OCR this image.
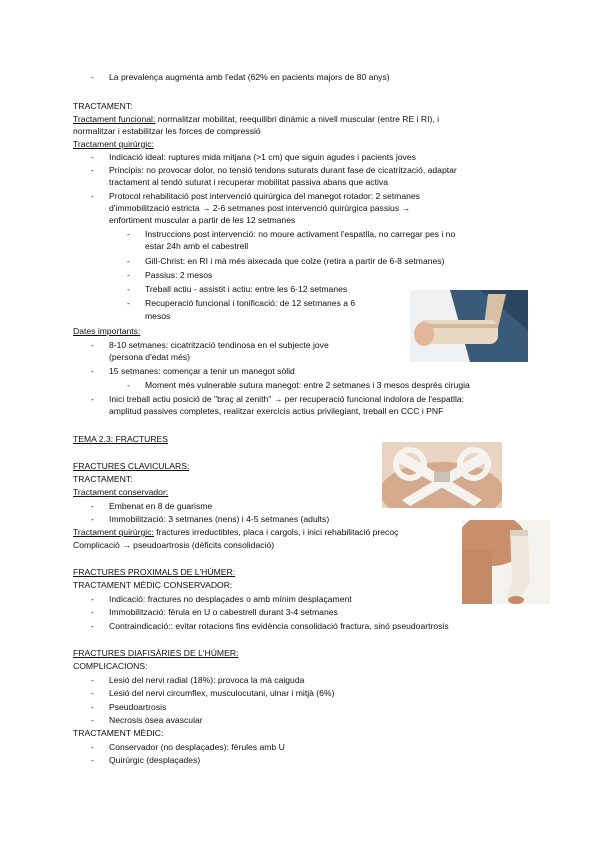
- La prevalença augmenta amb l'edat (62% en pacients majors de 80 anys)
TRACTAMENT:
Tractament funcional: normalitzar mobilitat, reequilibri dinàmic a nivell muscular (entre RE i RI), i
normalitzar i estabilitzar les forces de compressió
Tractament quirúrgic:
- Indicació ideal: ruptures mida mitjana (>1 cm) que siguin agudes i pacients joves
- Principis: no provocar dolor, no tensió tendons suturats durant fase de cicatrització, adaptar
tractament al tendó suturat i recuperar mobilitat passiva abans que activa
- Protocol rehabilitació post intervenció quirúrgica del manegot rotador: 2 setmanes
d'immobilització estricta → 2-6 setmanes post intervenció quirúrgica passius →
enfortiment muscular a partir de les 12 setmanes
- Instruccions post intervenció: no moure activament l'espatlla, no carregar pes i no
estar 24h amb el cabestrell
- Gill-Christ: en RI i mà més aixecada que colze (retira a partir de 6-8 setmanes)
- Passius: 2 mesos
- Treball actiu - assistit i actiu: entre les 6-12 setmanes
- Recuperació funcional i tonificació: de 12 setmanes a 6
mesos
Dates importants:
- 8-10 setmanes: cicatrització tendinosa en el subjecte jove
(persona d'edat més)
- 15 setmanes: començar a tenir un manegot sòlid
- Moment més vulnerable sutura manegot: entre 2 setmanes i 3 mesos després cirugia
- Inici treball actiu posició de "braç al zenith" → per recuperació funcional indolora de l'espatlla:
amplitud passives completes, realitzar exercicis actius privilegiant, treball en CCC i PNF
TEMA 2.3: FRACTURES
FRACTURES CLAVICULARS:
TRACTAMENT:
Tractament conservador:
- Embenat en 8 de guarisme
- Immobilització: 3 setmanes (nens) i 4-5 setmanes (adults)
Tractament quirúrgic: fractures irreductibles, placa i cargols, i inici rehabilitació precoç
Complicació → pseudoartrosis (dèficits consolidació)
FRACTURES PROXIMALS DE L'HÚMER:
TRACTAMENT MÈDIC CONSERVADOR:
- Indicació: fractures no desplaçades o amb mínim desplaçament
- Immobilització: fèrula en U o cabestrell durant 3-4 setmanes
- Contraindicació:: evitar rotacions fins evidència consolidació fractura, sinó pseudoartrosis
FRACTURES DIAFISÀRIES DE L'HÚMER:
COMPLICACIONS:
- Lesió del nervi radial (18%): provoca la mà caiguda
- Lesió del nervi circumflex, musculocutani, ulnar i mitjà (6%)
- Pseudoartrosis
- Necrosis òsea avascular
TRACTAMENT MÈDIC:
- Conservador (no desplaçades): fèrules amb U
- Quirúrgic (desplaçades)
